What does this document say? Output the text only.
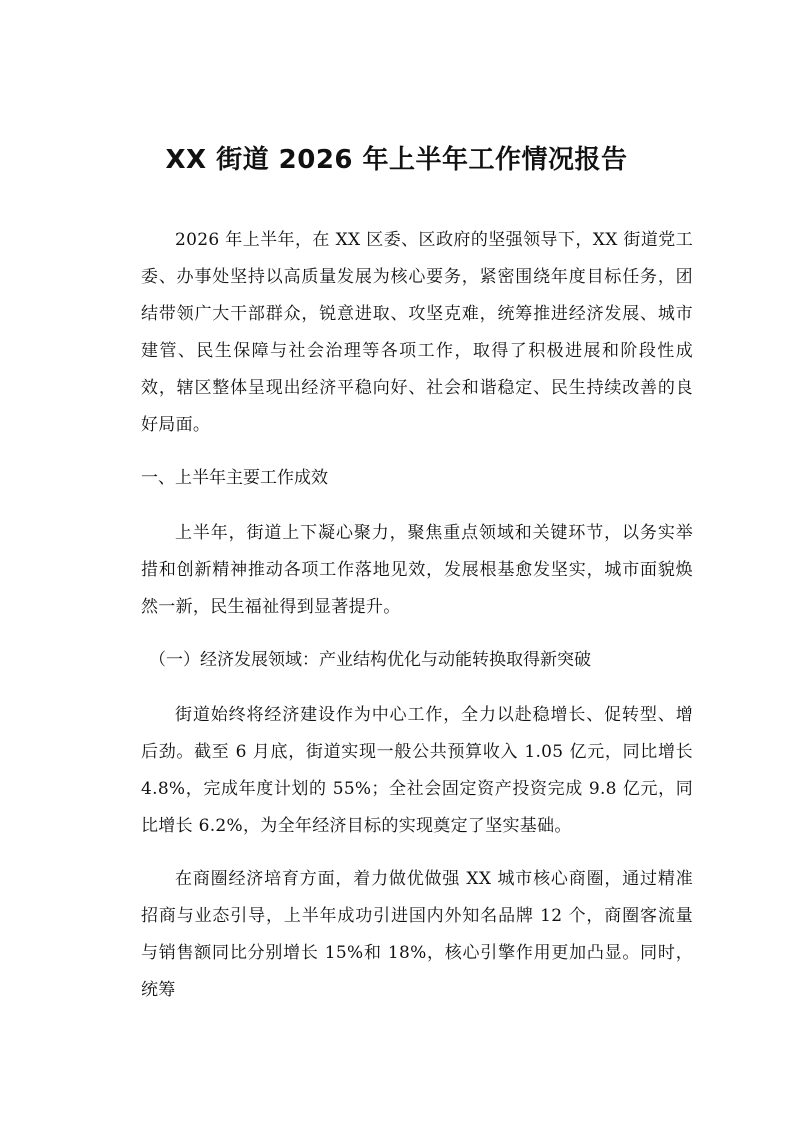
XX 街道 2026 年上半年工作情况报告

2026 年上半年，在 XX 区委、区政府的坚强领导下，XX 街道党工委、办事处坚持以高质量发展为核心要务，紧密围绕年度目标任务，团结带领广大干部群众，锐意进取、攻坚克难，统筹推进经济发展、城市建管、民生保障与社会治理等各项工作，取得了积极进展和阶段性成效，辖区整体呈现出经济平稳向好、社会和谐稳定、民生持续改善的良好局面。

一、上半年主要工作成效

上半年，街道上下凝心聚力，聚焦重点领域和关键环节，以务实举措和创新精神推动各项工作落地见效，发展根基愈发坚实，城市面貌焕然一新，民生福祉得到显著提升。

（一）经济发展领域：产业结构优化与动能转换取得新突破

街道始终将经济建设作为中心工作，全力以赴稳增长、促转型、增后劲。截至 6 月底，街道实现一般公共预算收入 1.05 亿元，同比增长 4.8%，完成年度计划的 55%；全社会固定资产投资完成 9.8 亿元，同比增长 6.2%，为全年经济目标的实现奠定了坚实基础。

在商圈经济培育方面，着力做优做强 XX 城市核心商圈，通过精准招商与业态引导，上半年成功引进国内外知名品牌 12 个，商圈客流量与销售额同比分别增长 15%和 18%，核心引擎作用更加凸显。同时，统筹
